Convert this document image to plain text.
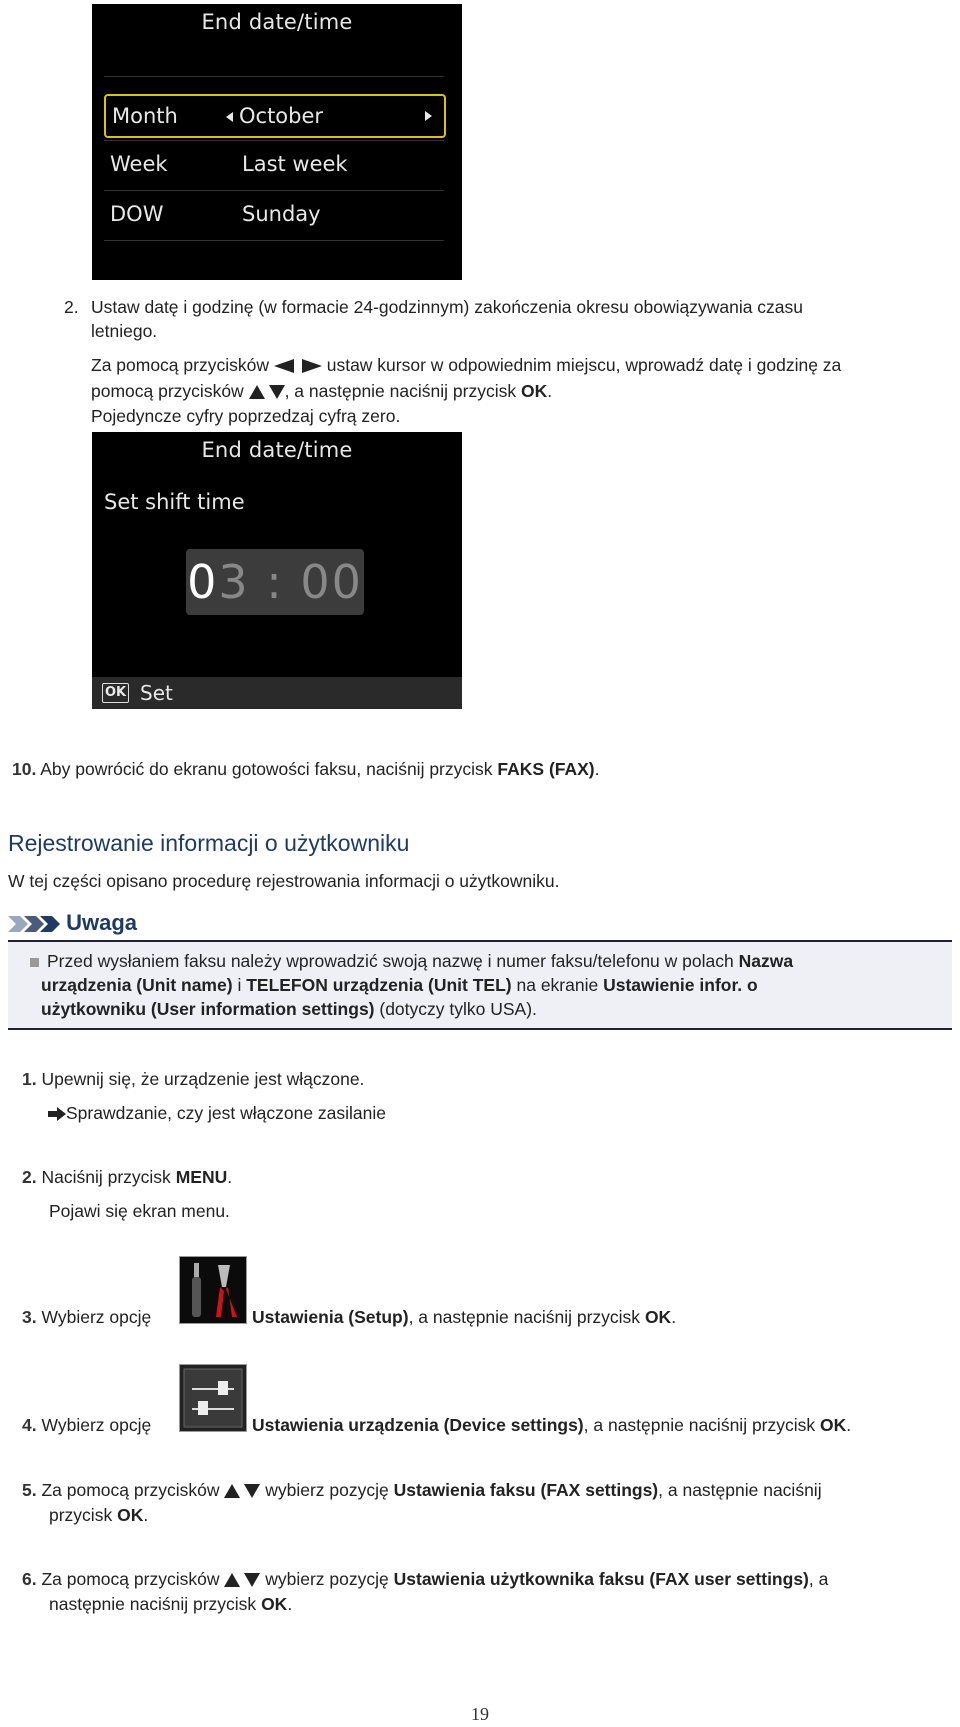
End date/time
Month	October
Week	Last week
DOW	Sunday
2. Ustaw datę i godzinę (w formacie 24-godzinnym) zakończenia okresu obowiązywania czasu
letniego.
Za pomocą przycisków	ustaw kursor w odpowiednim miejscu, wprowadź datę i godzinę za
pomocą przycisków , a następnie naciśnij przycisk OK.
Pojedyncze cyfry poprzedzaj cyfrą zero.
End date/time
Set shift time
03 : 00
OK Set
10. Aby powrócić do ekranu gotowości faksu, naciśnij przycisk FAKS (FAX).
Rejestrowanie informacji o użytkowniku
W tej części opisano procedurę rejestrowania informacji o użytkowniku.
Uwaga
Przed wysłaniem faksu należy wprowadzić swoją nazwę i numer faksu/telefonu w polach Nazwa
urządzenia (Unit name) i TELEFON urządzenia (Unit TEL) na ekranie Ustawienie infor. o
użytkowniku (User information settings) (dotyczy tylko USA).
1. Upewnij się, że urządzenie jest włączone.
Sprawdzanie, czy jest włączone zasilanie
2. Naciśnij przycisk MENU.
Pojawi się ekran menu.
3. Wybierz opcję	Ustawienia (Setup), a następnie naciśnij przycisk OK.
4. Wybierz opcję	Ustawienia urządzenia (Device settings), a następnie naciśnij przycisk OK.
5. Za pomocą przycisków	wybierz pozycję Ustawienia faksu (FAX settings), a następnie naciśnij
przycisk OK.
6. Za pomocą przycisków	wybierz pozycję Ustawienia użytkownika faksu (FAX user settings), a
następnie naciśnij przycisk OK.
19
